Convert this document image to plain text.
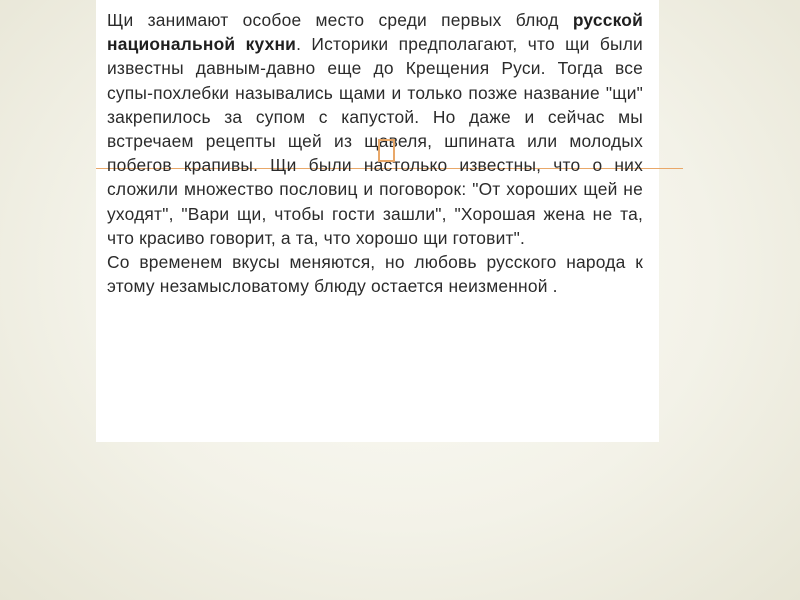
Щи занимают особое место среди первых блюд русской национальной кухни. Историки предполагают, что щи были известны давным-давно еще до Крещения Руси. Тогда все супы-похлебки назывались щами и только позже название "щи" закрепилось за супом с капустой. Но даже и сейчас мы встречаем рецепты щей из щавеля, шпината или молодых побегов крапивы. Щи были настолько известны, что о них сложили множество пословиц и поговорок: "От хороших щей не уходят", "Вари щи, чтобы гости зашли", "Хорошая жена не та, что красиво говорит, а та, что хорошо щи готовит".

Со временем вкусы меняются, но любовь русского народа к этому незамысловатому блюду остается неизменной .
